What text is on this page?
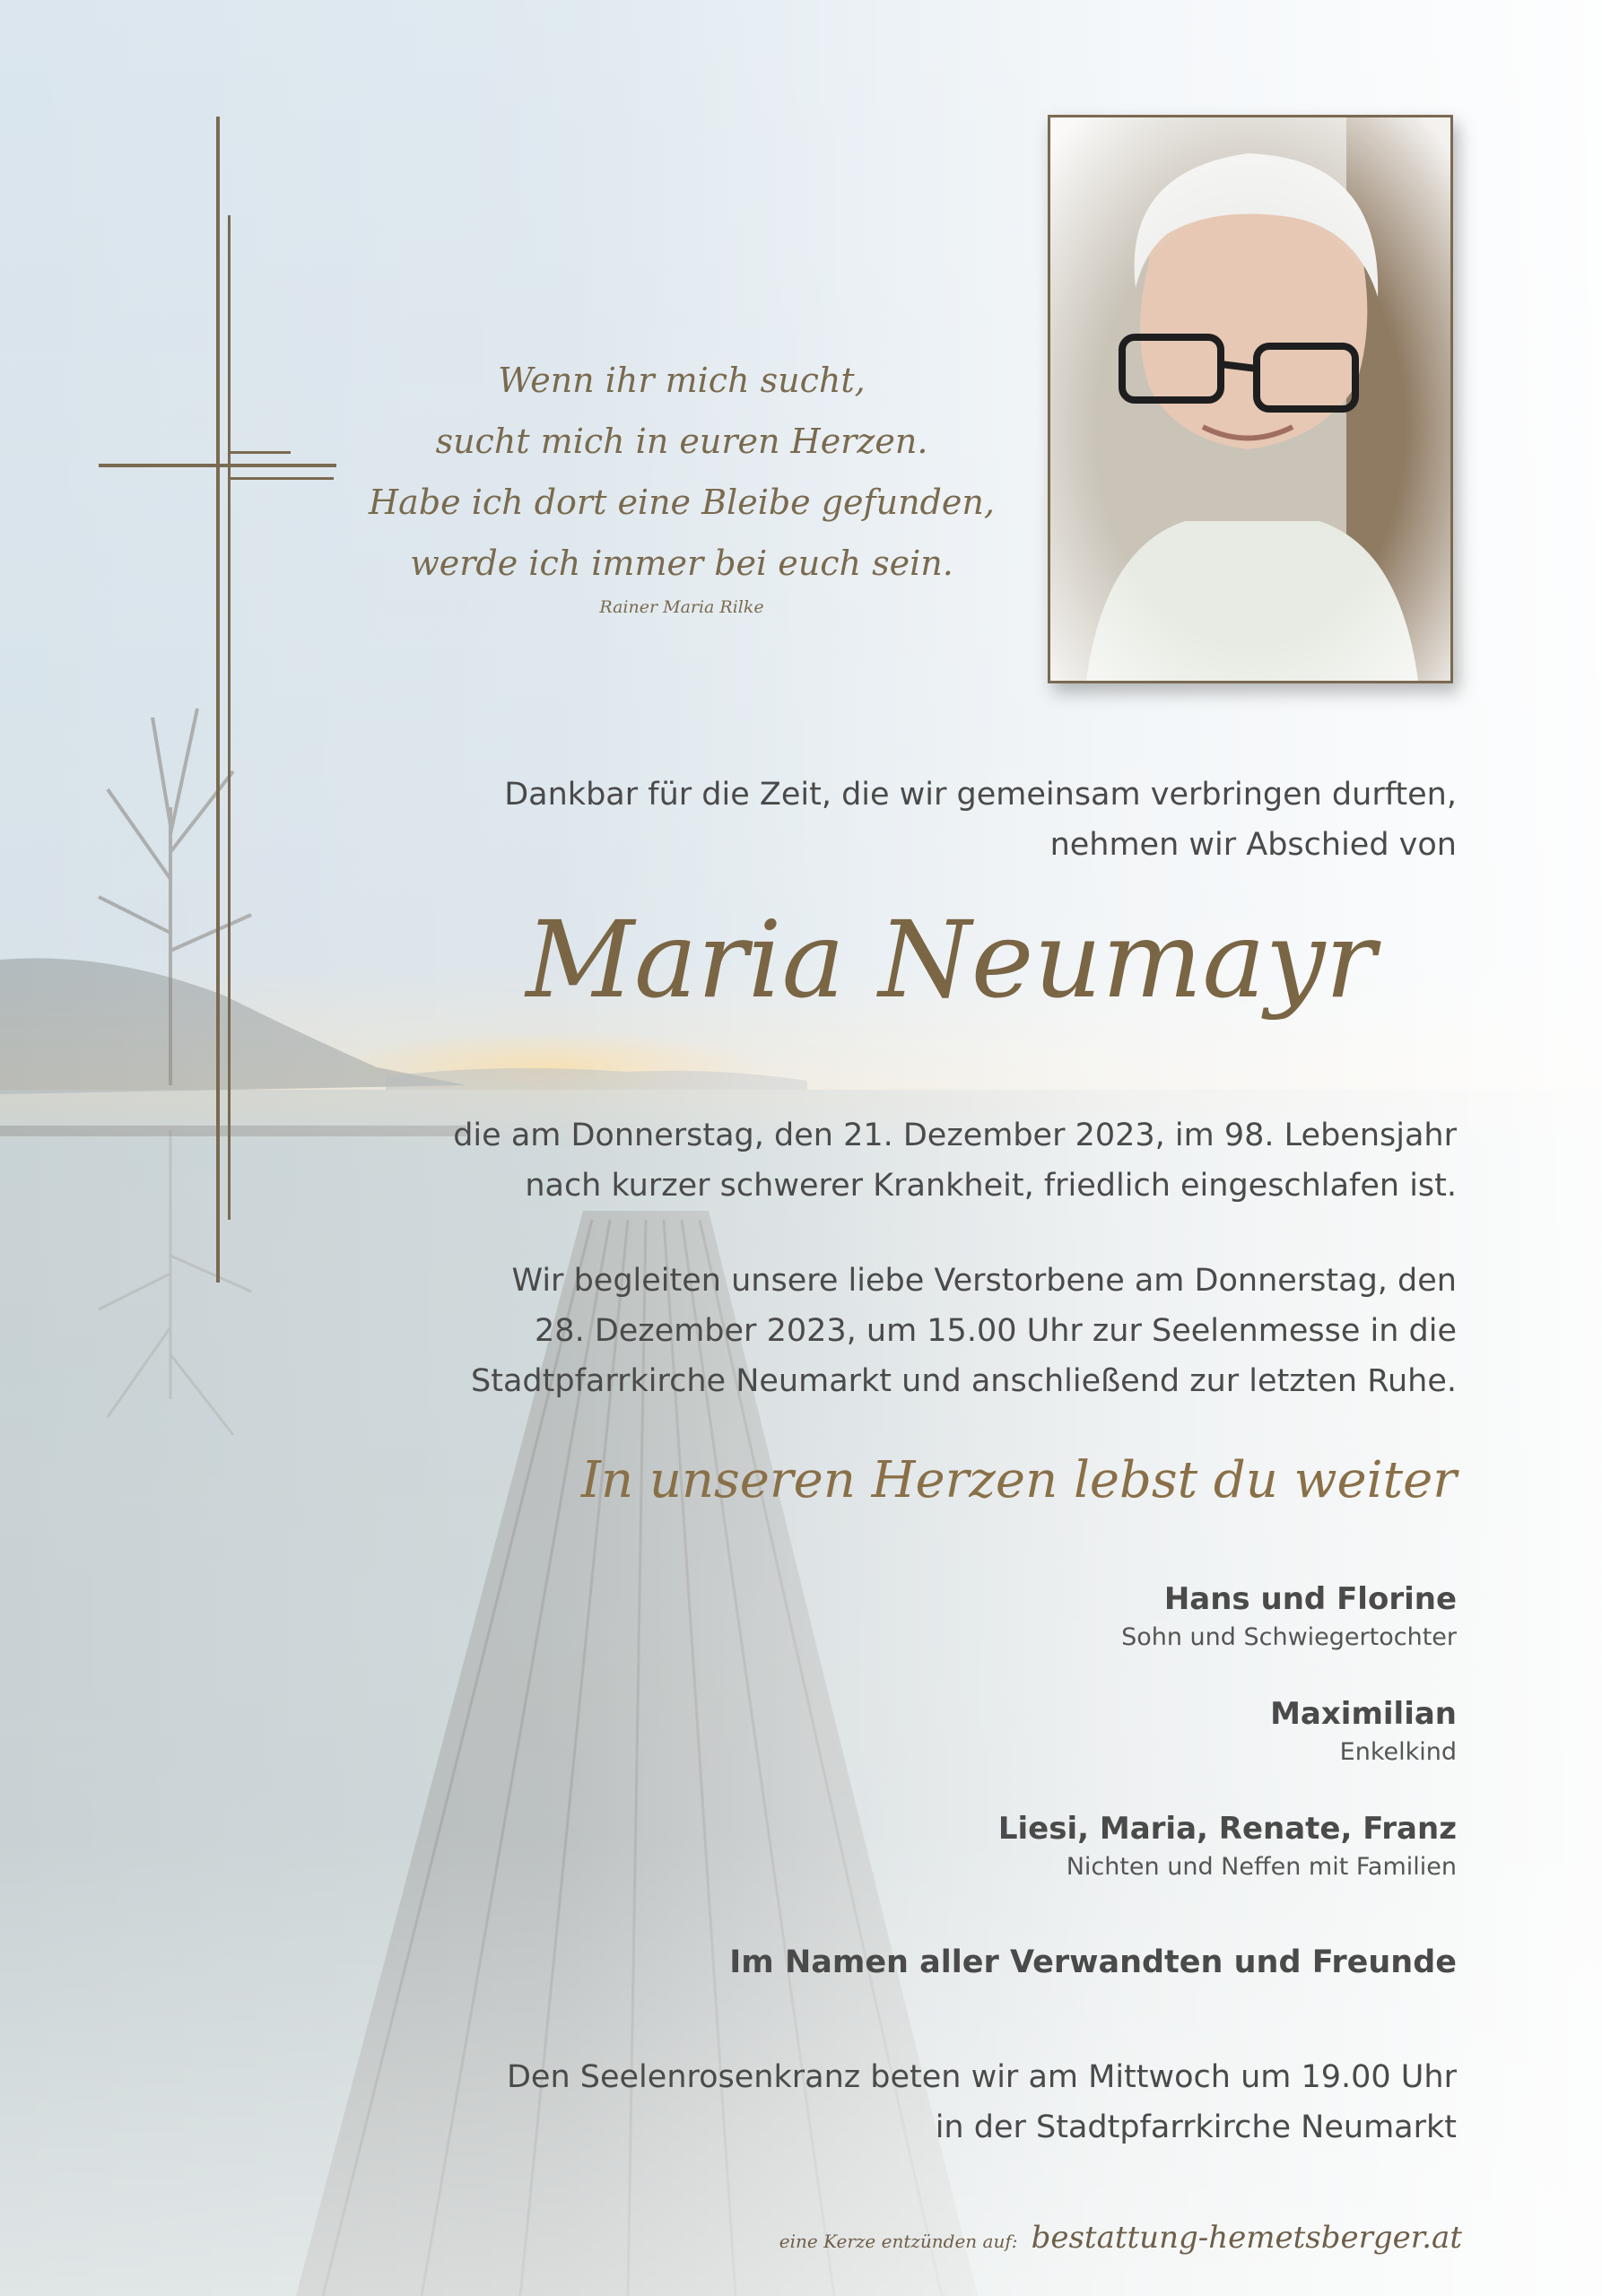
Wenn ihr mich sucht,
sucht mich in euren Herzen.
Habe ich dort eine Bleibe gefunden,
werde ich immer bei euch sein.
Rainer Maria Rilke
Dankbar für die Zeit, die wir gemeinsam verbringen durften,
nehmen wir Abschied von
Maria Neumayr
die am Donnerstag, den 21. Dezember 2023, im 98. Lebensjahr
nach kurzer schwerer Krankheit, friedlich eingeschlafen ist.
Wir begleiten unsere liebe Verstorbene am Donnerstag, den
28. Dezember 2023, um 15.00 Uhr zur Seelenmesse in die
Stadtpfarrkirche Neumarkt und anschließend zur letzten Ruhe.
In unseren Herzen lebst du weiter
Hans und Florine
Sohn und Schwiegertochter
Maximilian
Enkelkind
Liesi, Maria, Renate, Franz
Nichten und Neffen mit Familien
Im Namen aller Verwandten und Freunde
Den Seelenrosenkranz beten wir am Mittwoch um 19.00 Uhr
in der Stadtpfarrkirche Neumarkt
eine Kerze entzünden auf: bestattung-hemetsberger.at
